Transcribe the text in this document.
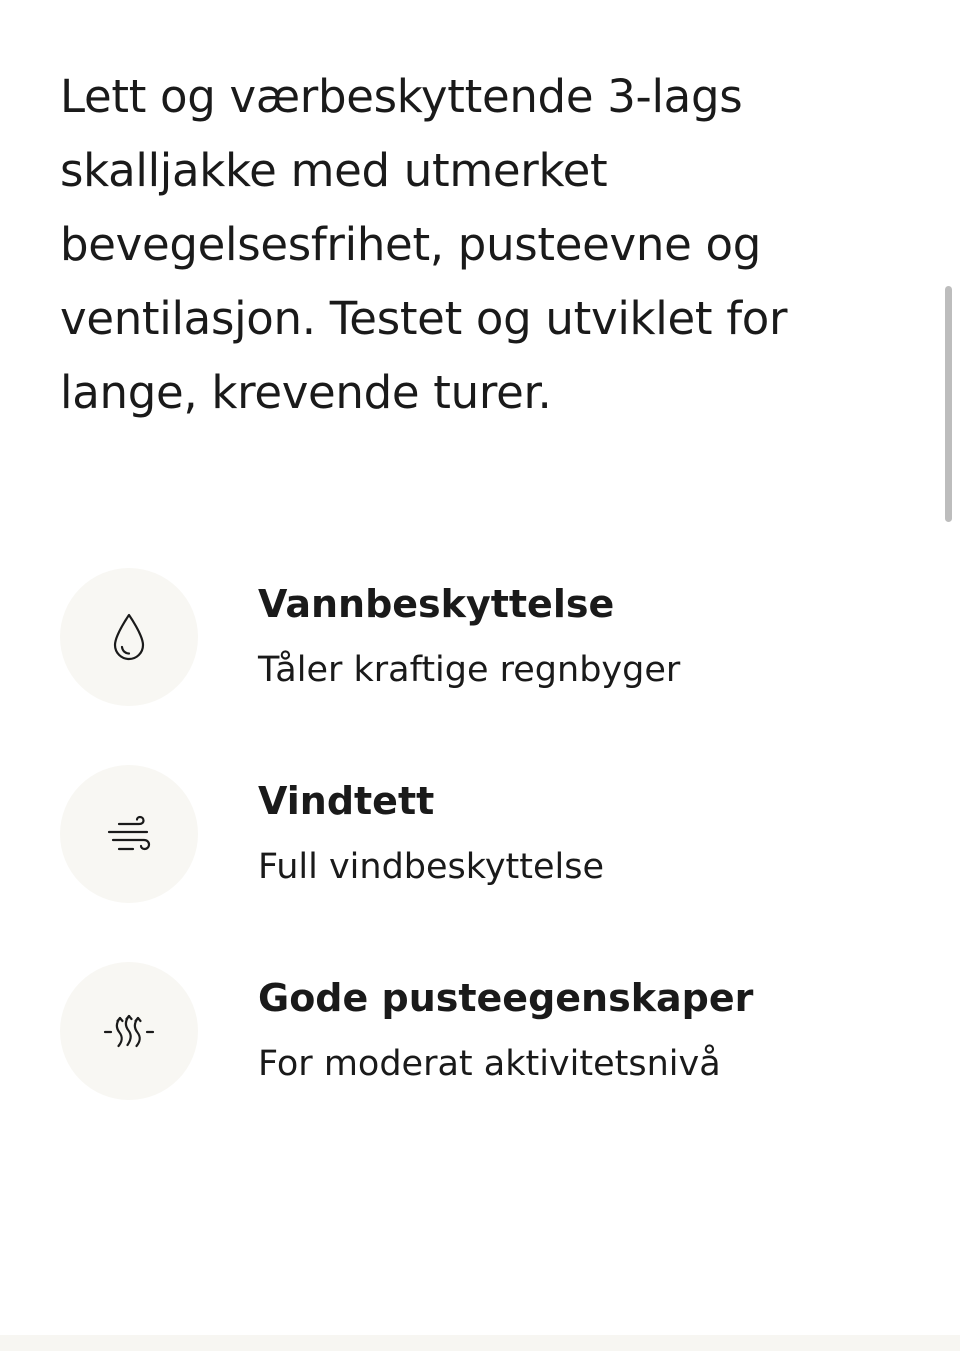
Lett og værbeskyttende 3-lags skalljakke med utmerket bevegelsesfrihet, pusteevne og ventilasjon. Testet og utviklet for lange, krevende turer.

Vannbeskyttelse

Tåler kraftige regnbyger

Vindtett

Full vindbeskyttelse

Gode pusteegenskaper

For moderat aktivitetsnivå
